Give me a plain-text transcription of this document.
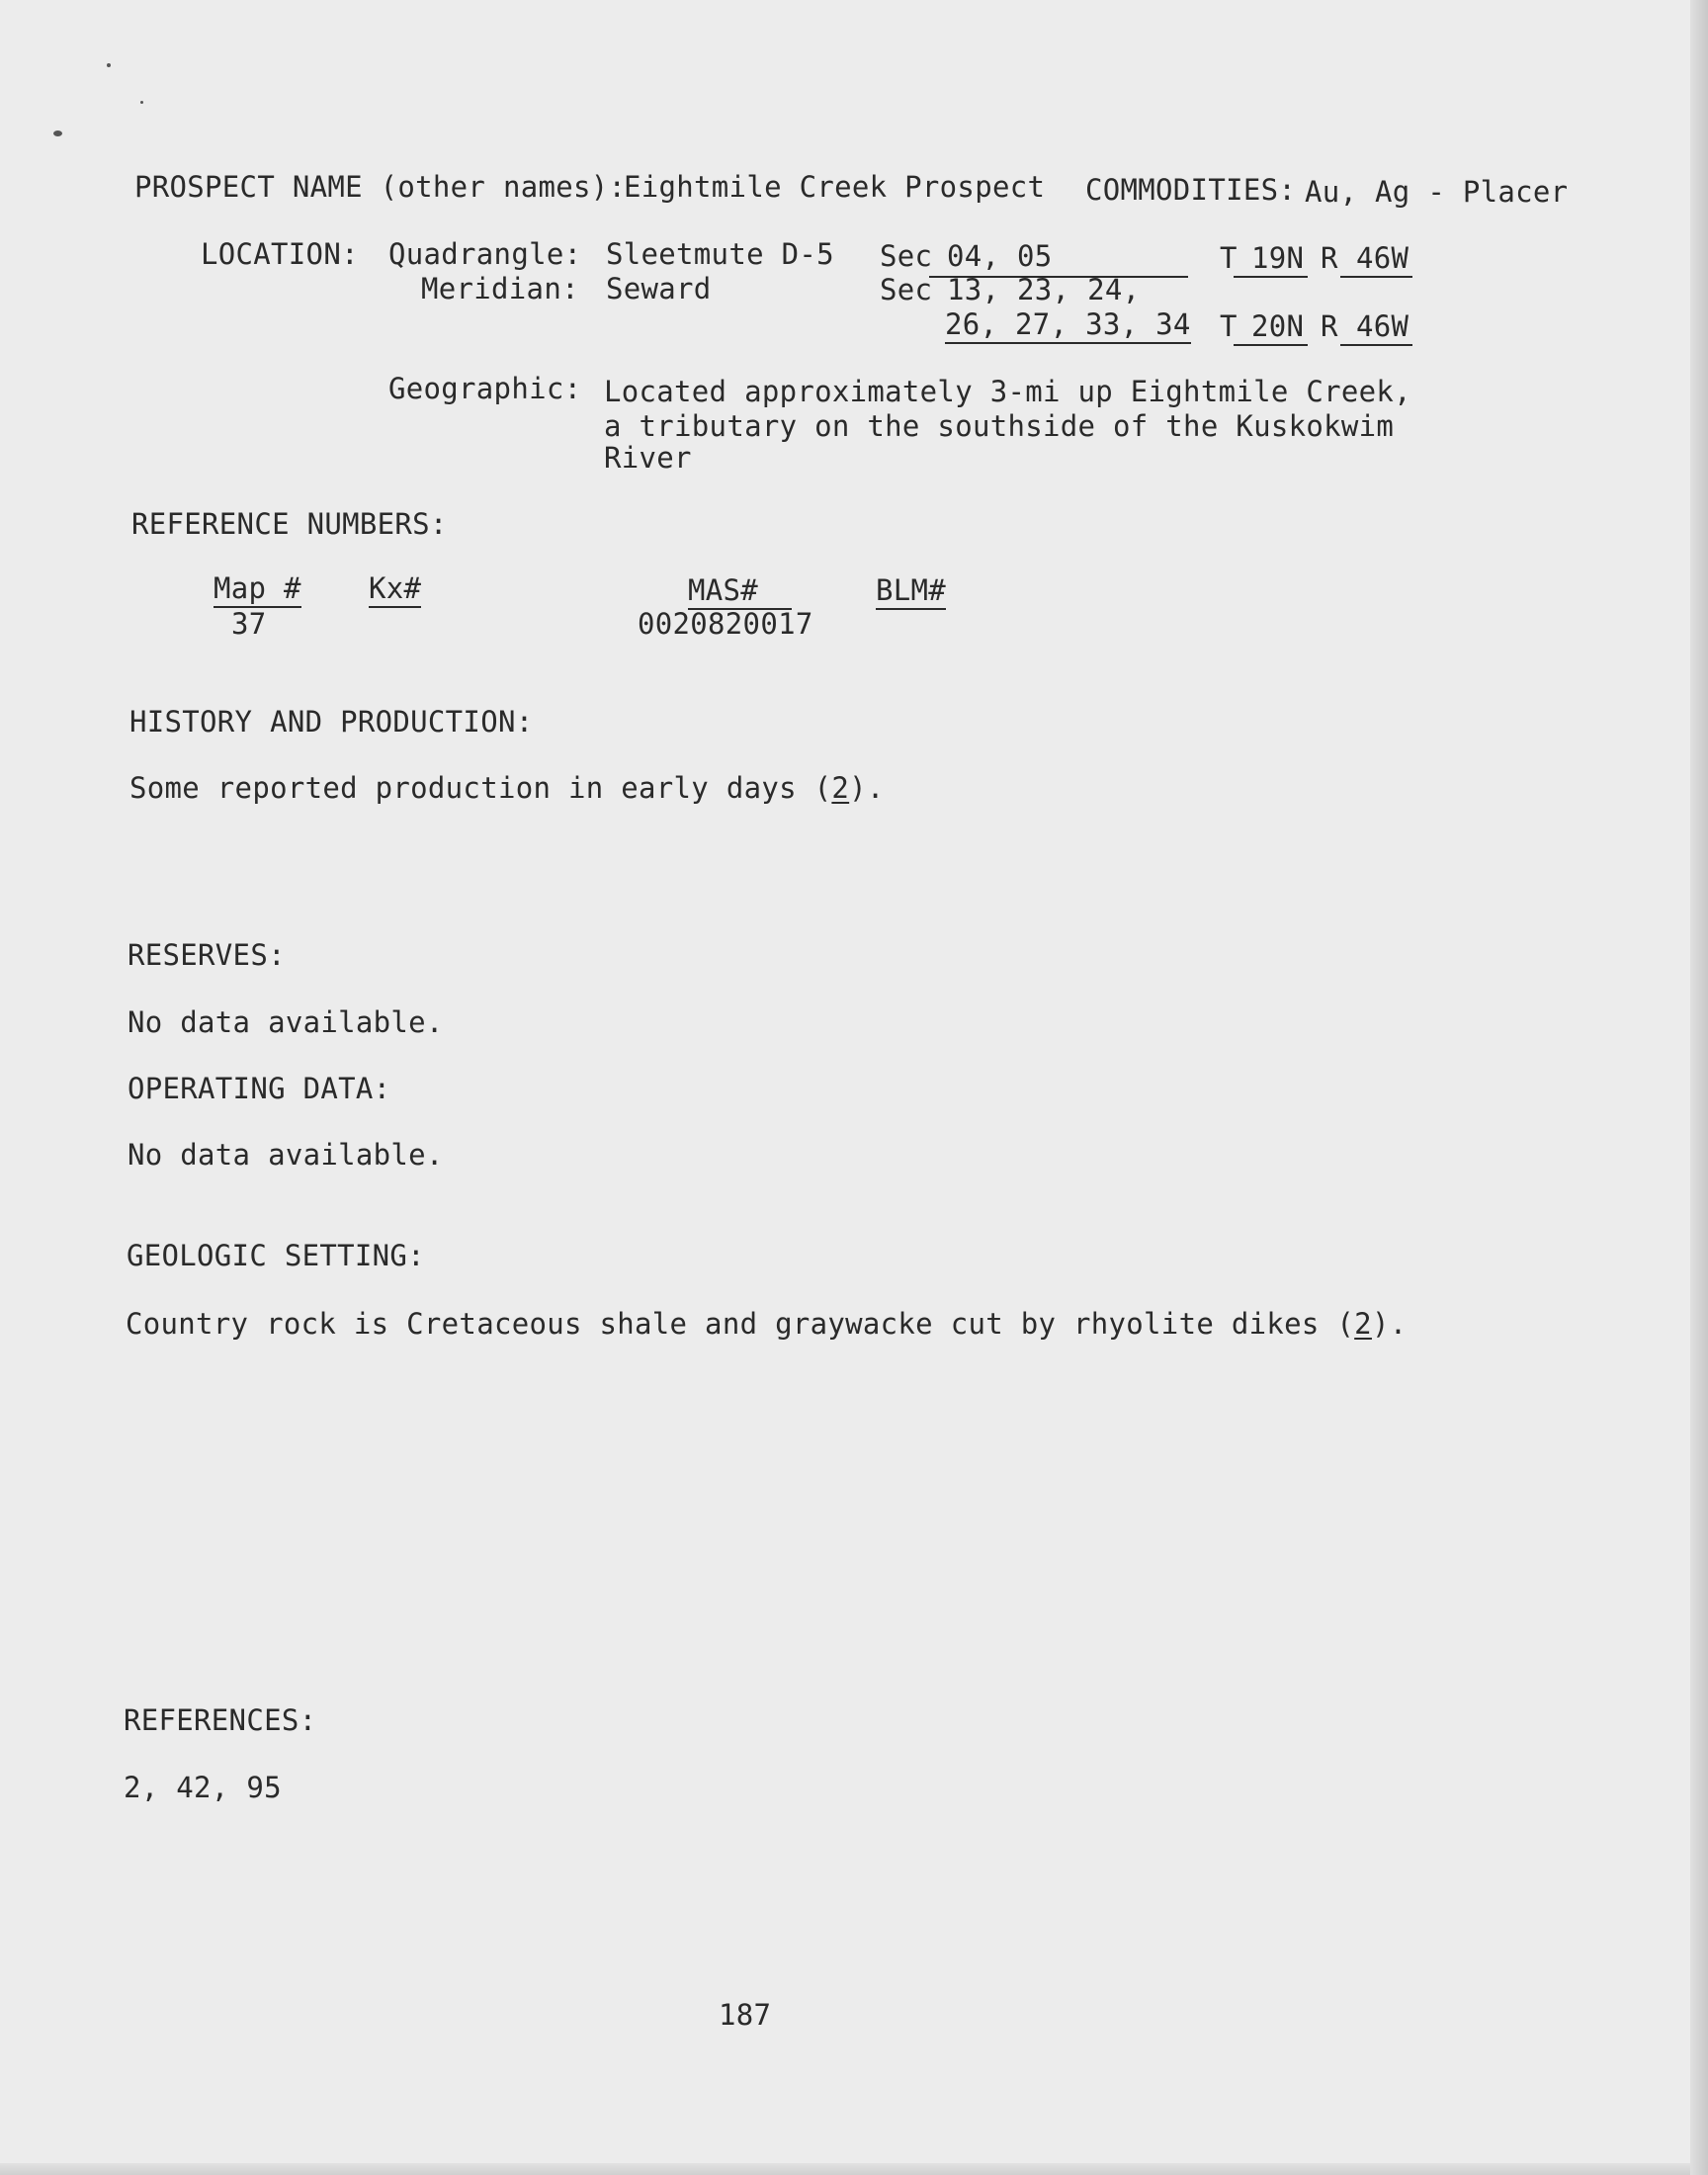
PROSPECT NAME (other names):
Eightmile Creek Prospect COMMODITIES: Au, Ag - Placer
LOCATION: Quadrangle: Sleetmute D-5
Meridian: Seward
Sec 04, 05	T 19N R 46W
Sec 13, 23, 24,
26, 27, 33, 34 T 20N R 46W
Geographic: Located approximately 3-mi up Eightmile Creek,
a tributary on the southside of the Kuskokwim
River
REFERENCE NUMBERS:
Map #
37
Kx#	MAS#
0020820017
BLM#
HISTORY AND PRODUCTION:
Some reported production in early days (2).
RESERVES:
No data available.
OPERATING DATA:
No data available.
GEOLOGIC SETTING:
Country rock is Cretaceous shale and graywacke cut by rhyolite dikes (2).
REFERENCES:
2, 42, 95
187
